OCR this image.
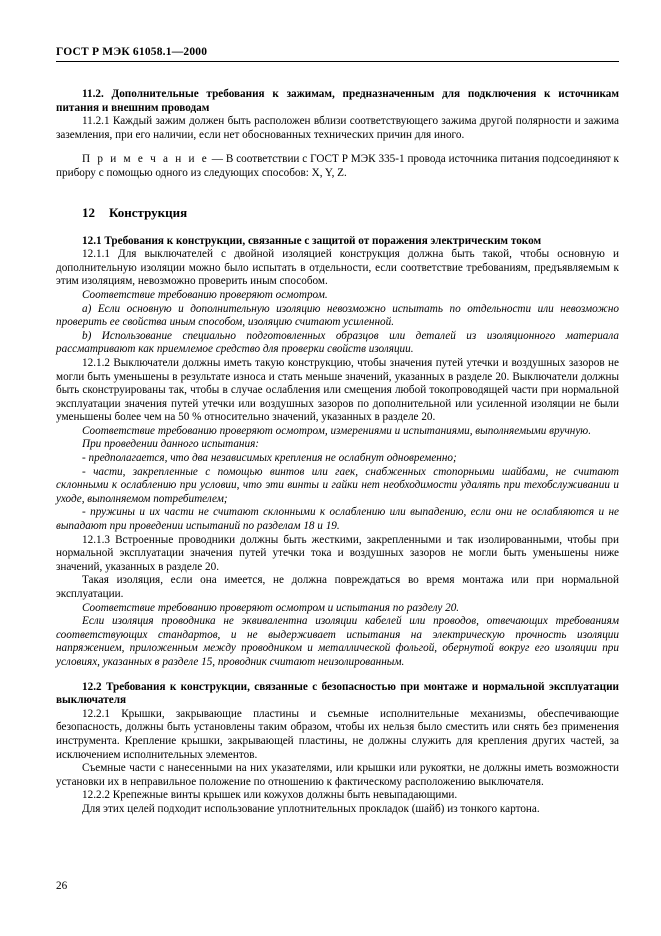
ГОСТ Р МЭК 61058.1—2000

11.2. Дополнительные требования к зажимам, предназначенным для подключения к источникам питания и внешним проводам

11.2.1 Каждый зажим должен быть расположен вблизи соответствующего зажима другой полярности и зажима заземления, при его наличии, если нет обоснованных технических причин для иного.

П р и м е ч а н и е — В соответствии с ГОСТ Р МЭК 335-1 провода источника питания подсоединяют к прибору с помощью одного из следующих способов: X, Y, Z.

12 Конструкция

12.1 Требования к конструкции, связанные с защитой от поражения электрическим током

12.1.1 Для выключателей с двойной изоляцией конструкция должна быть такой, чтобы основную и дополнительную изоляции можно было испытать в отдельности, если соответствие требованиям, предъявляемым к этим изоляциям, невозможно проверить иным способом.

Соответствие требованию проверяют осмотром.

a) Если основную и дополнительную изоляцию невозможно испытать по отдельности или невозможно проверить ее свойства иным способом, изоляцию считают усиленной.

b) Использование специально подготовленных образцов или деталей из изоляционного материала рассматривают как приемлемое средство для проверки свойств изоляции.

12.1.2 Выключатели должны иметь такую конструкцию, чтобы значения путей утечки и воздушных зазоров не могли быть уменьшены в результате износа и стать меньше значений, указанных в разделе 20. Выключатели должны быть сконструированы так, чтобы в случае ослабления или смещения любой токопроводящей части при нормальной эксплуатации значения путей утечки или воздушных зазоров по дополнительной или усиленной изоляции не были уменьшены более чем на 50 % относительно значений, указанных в разделе 20.

Соответствие требованию проверяют осмотром, измерениями и испытаниями, выполняемыми вручную.

При проведении данного испытания:

- предполагается, что два независимых крепления не ослабнут одновременно;

- части, закрепленные с помощью винтов или гаек, снабженных стопорными шайбами, не считают склонными к ослаблению при условии, что эти винты и гайки нет необходимости удалять при техобслуживании и уходе, выполняемом потребителем;

- пружины и их части не считают склонными к ослаблению или выпадению, если они не ослабляются и не выпадают при проведении испытаний по разделам 18 и 19.

12.1.3 Встроенные проводники должны быть жесткими, закрепленными и так изолированными, чтобы при нормальной эксплуатации значения путей утечки тока и воздушных зазоров не могли быть уменьшены ниже значений, указанных в разделе 20.

Такая изоляция, если она имеется, не должна повреждаться во время монтажа или при нормальной эксплуатации.

Соответствие требованию проверяют осмотром и испытания по разделу 20.

Если изоляция проводника не эквивалентна изоляции кабелей или проводов, отвечающих требованиям соответствующих стандартов, и не выдерживает испытания на электрическую прочность изоляции напряжением, приложенным между проводником и металлической фольгой, обернутой вокруг его изоляции при условиях, указанных в разделе 15, проводник считают неизолированным.

12.2 Требования к конструкции, связанные с безопасностью при монтаже и нормальной эксплуатации выключателя

12.2.1 Крышки, закрывающие пластины и съемные исполнительные механизмы, обеспечивающие безопасность, должны быть установлены таким образом, чтобы их нельзя было сместить или снять без применения инструмента. Крепление крышки, закрывающей пластины, не должны служить для крепления других частей, за исключением исполнительных элементов.

Съемные части с нанесенными на них указателями, или крышки или рукоятки, не должны иметь возможности установки их в неправильное положение по отношению к фактическому расположению выключателя.

12.2.2 Крепежные винты крышек или кожухов должны быть невыпадающими.

Для этих целей подходит использование уплотнительных прокладок (шайб) из тонкого картона.

26
